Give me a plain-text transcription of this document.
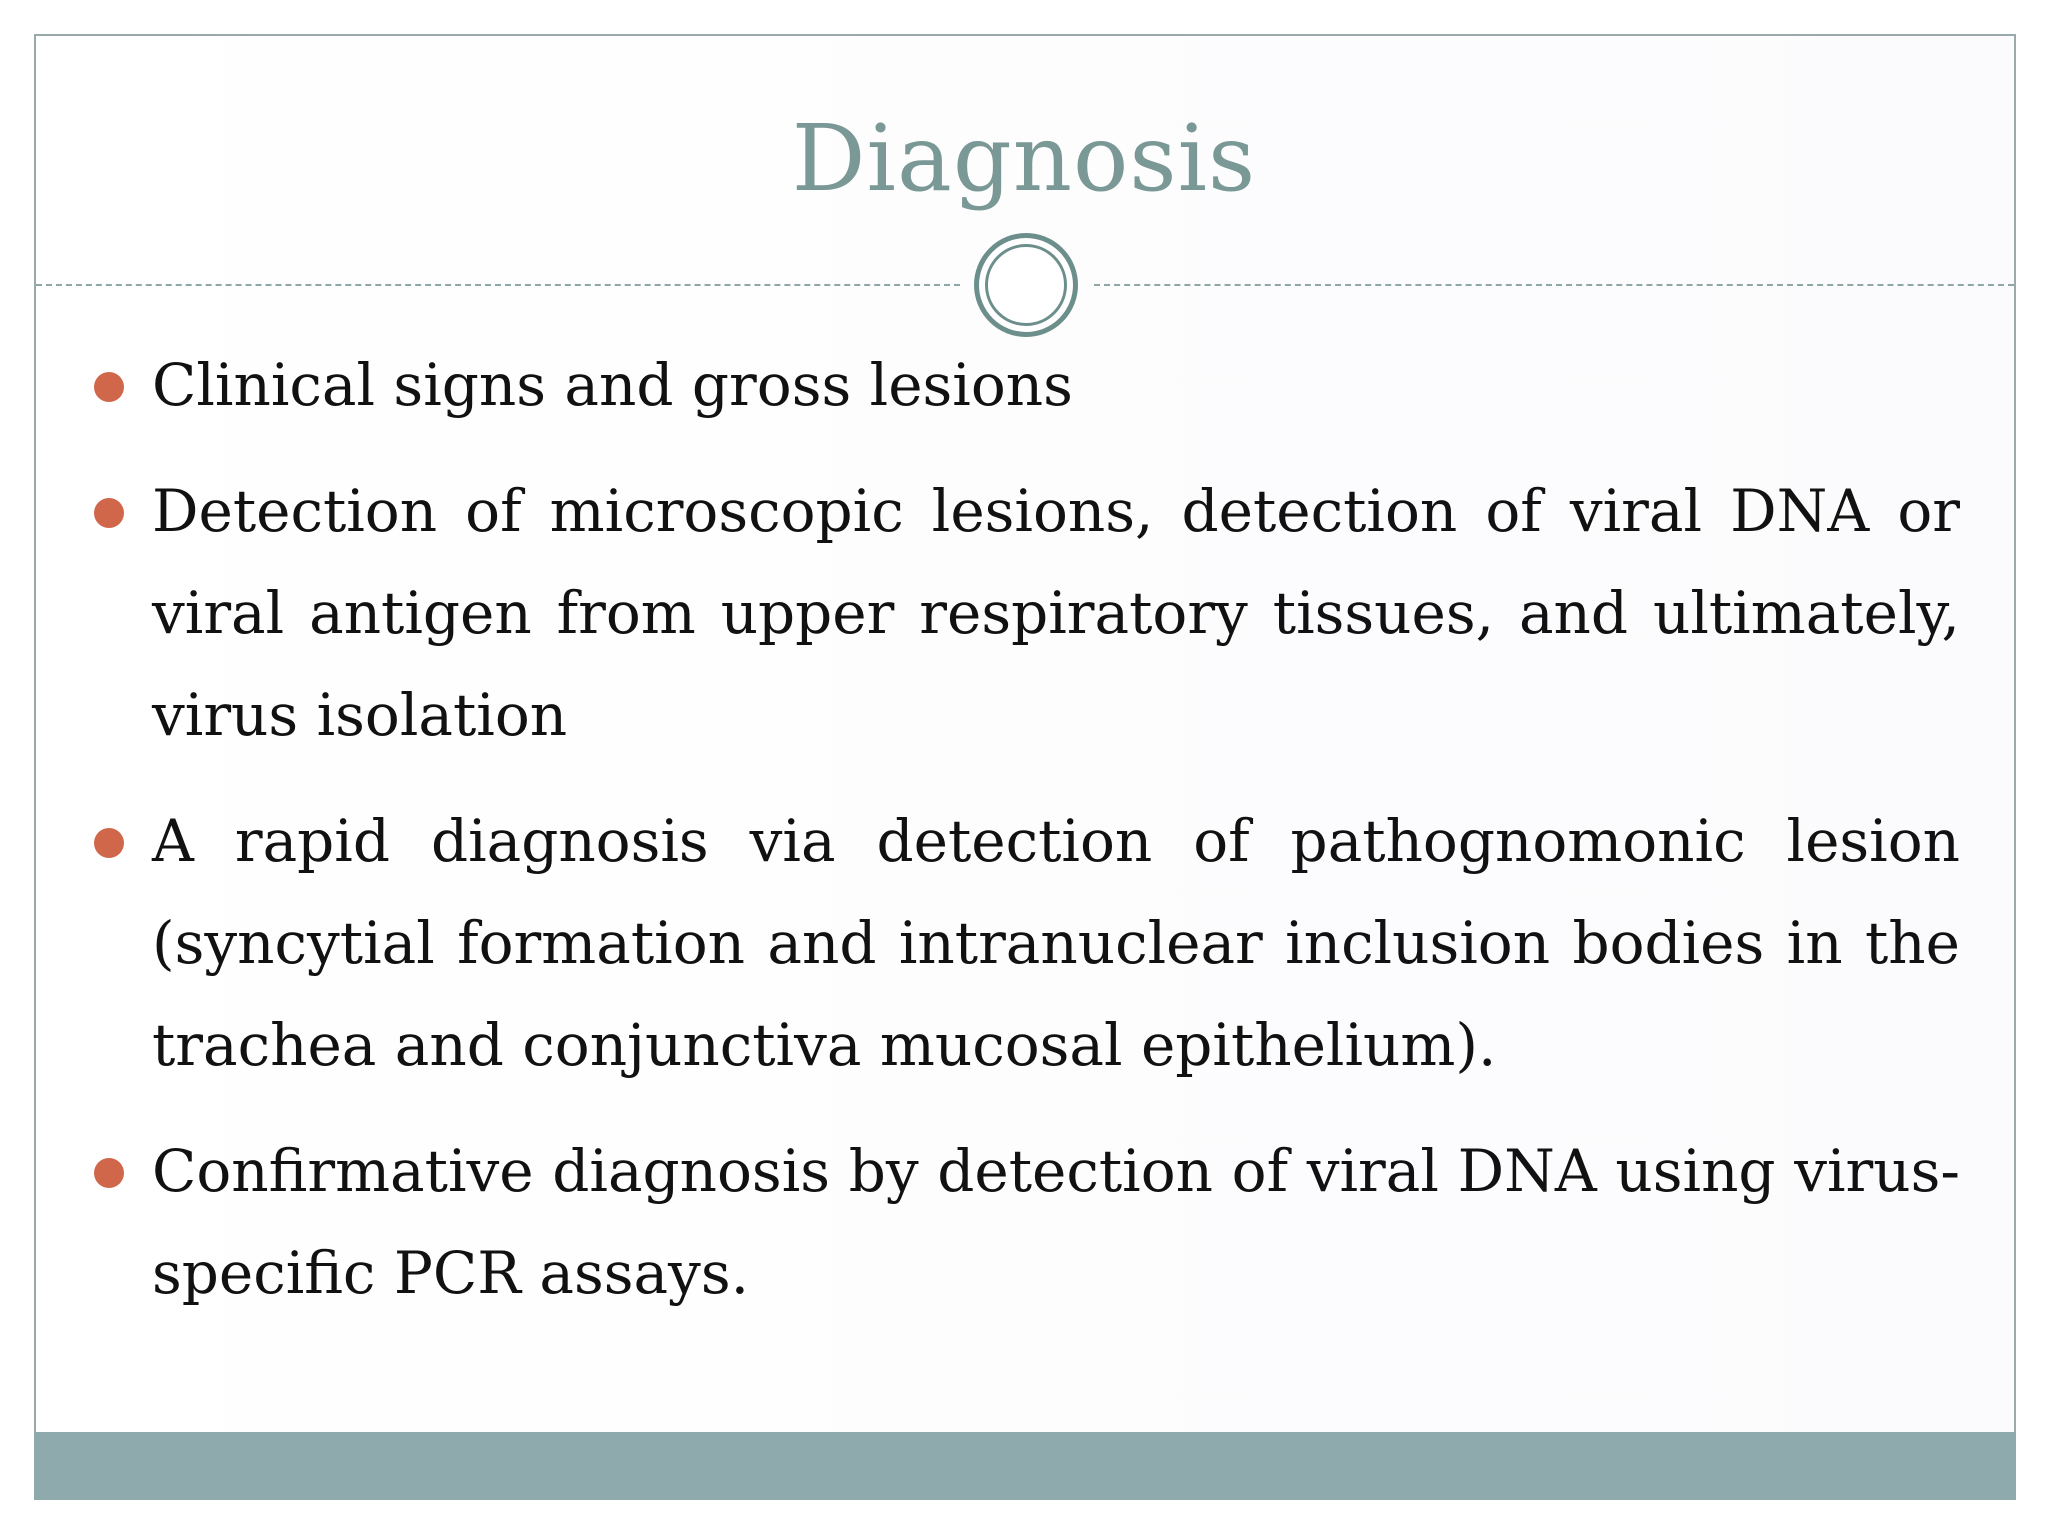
Diagnosis
Clinical signs and gross lesions
Detection of microscopic lesions, detection of viral DNA or viral antigen from upper respiratory tissues, and ultimately, virus isolation
A rapid diagnosis via detection of pathognomonic lesion (syncytial formation and intranuclear inclusion bodies in the trachea and conjunctiva mucosal epithelium).
Confirmative diagnosis by detection of viral DNA using virus-specific PCR assays.
